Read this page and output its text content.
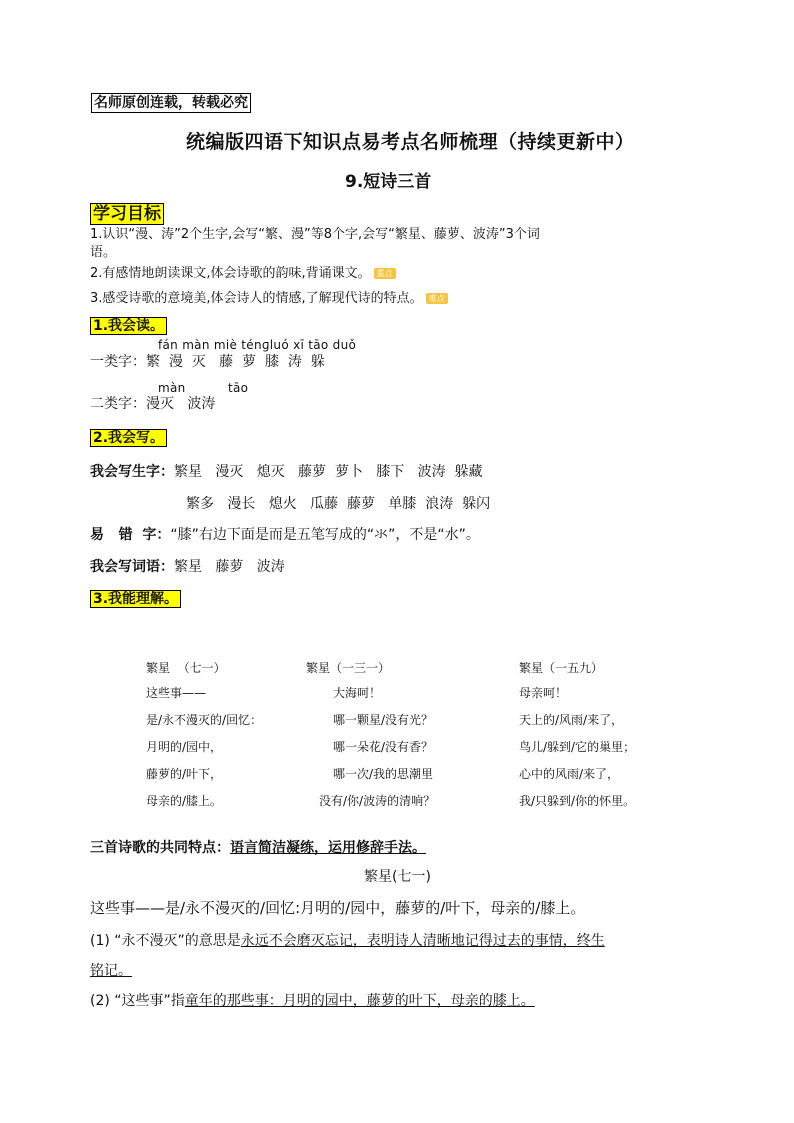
名师原创连载，转载必究
统编版四语下知识点易考点名师梳理（持续更新中）
9.短诗三首
学习目标
1.认识“漫、涛”2个生字,会写“繁、漫”等8个字,会写“繁星、藤萝、波涛”3个词
语。
2.有感情地朗读课文,体会诗歌的韵味,背诵课文。 重点
3.感受诗歌的意境美,体会诗人的情感,了解现代诗的特点。 难点
1.我会读。
fán màn miè ténɡluó xī tāo duǒ
一类字：繁  漫  灭   藤  萝  膝  涛  躲
màn	tāo
二类字：漫灭   波涛
2.我会写。
我会写生字：繁星   漫灭   熄灭   藤萝  萝卜   膝下   波涛  躲藏
繁多   漫长   熄火   瓜藤  藤萝   单膝  浪涛  躲闪
易   错  字：“膝”右边下面是而是五笔写成的“氺”，不是“水”。
我会写词语：繁星   藤萝   波涛
3.我能理解。
繁星  （七一）
这些事——
是/永不漫灭的/回忆：
月明的/园中，
藤萝的/叶下，
母亲的/膝上。
繁星（一三一）
大海呵！
哪一颗星/没有光？
哪一朵花/没有香？
哪一次/我的思潮里
没有/你/波涛的清响？
繁星（一五九）
母亲呵！
天上的/风雨/来了，
鸟儿/躲到/它的巢里；
心中的风雨/来了，
我/只躲到/你的怀里。
三首诗歌的共同特点：语言简洁凝练，运用修辞手法。
繁星(七一)
这些事——是/永不漫灭的/回忆:月明的/园中，藤萝的/叶下，母亲的/膝上。
(1) “永不漫灭”的意思是永远不会磨灭忘记，表明诗人清晰地记得过去的事情，终生
铭记。
(2) “这些事”指童年的那些事：月明的园中，藤萝的叶下，母亲的膝上。
